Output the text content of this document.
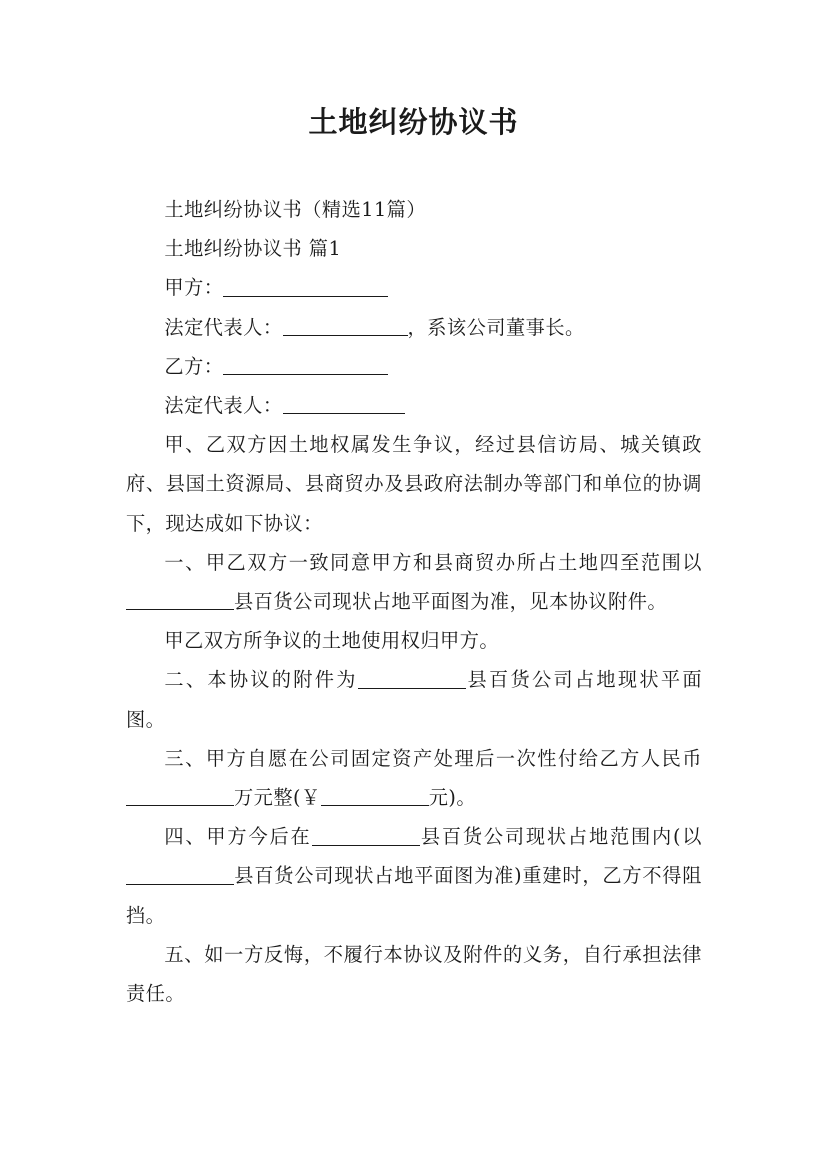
土地纠纷协议书

土地纠纷协议书（精选11篇）

土地纠纷协议书 篇1

甲方：

法定代表人：	，系该公司董事长。

乙方：

法定代表人：

甲、乙双方因土地权属发生争议，经过县信访局、城关镇政府、县国土资源局、县商贸办及县政府法制办等部门和单位的协调下，现达成如下协议：

一、甲乙双方一致同意甲方和县商贸办所占土地四至范围以县百货公司现状占地平面图为准，见本协议附件。

甲乙双方所争议的土地使用权归甲方。

二、本协议的附件为	县百货公司占地现状平面图。

三、甲方自愿在公司固定资产处理后一次性付给乙方人民币万元整(￥	元)。

四、甲方今后在	县百货公司现状占地范围内(以县百货公司现状占地平面图为准)重建时，乙方不得阻挡。

五、如一方反悔，不履行本协议及附件的义务，自行承担法律责任。
